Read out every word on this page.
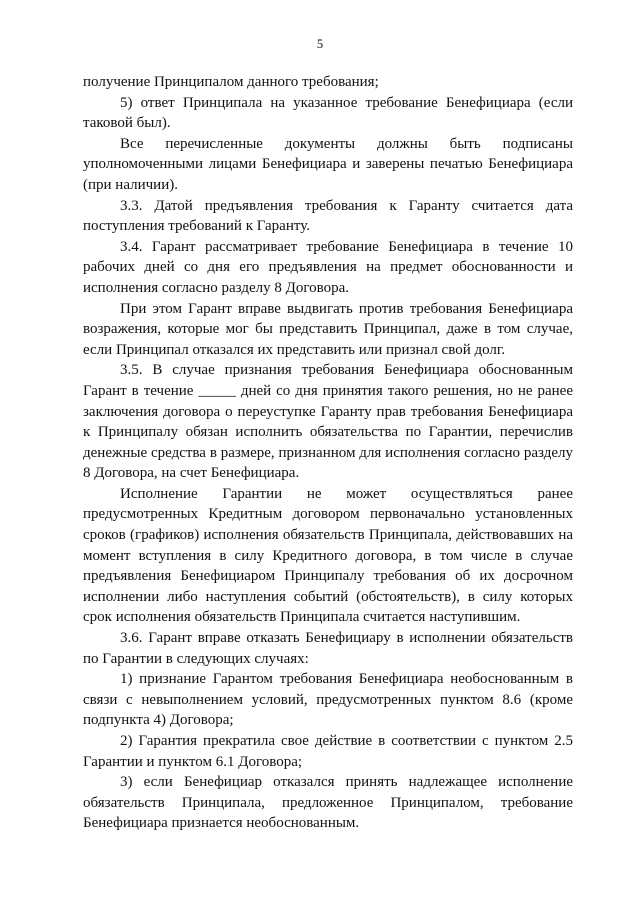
5

получение Принципалом данного требования;

5) ответ Принципала на указанное требование Бенефициара (если таковой был).

Все перечисленные документы должны быть подписаны уполномоченными лицами Бенефициара и заверены печатью Бенефициара (при наличии).

3.3. Датой предъявления требования к Гаранту считается дата поступления требований к Гаранту.

3.4. Гарант рассматривает требование Бенефициара в течение 10 рабочих дней со дня его предъявления на предмет обоснованности и исполнения согласно разделу 8 Договора.

При этом Гарант вправе выдвигать против требования Бенефициара возражения, которые мог бы представить Принципал, даже в том случае, если Принципал отказался их представить или признал свой долг.

3.5. В случае признания требования Бенефициара обоснованным Гарант в течение _____ дней со дня принятия такого решения, но не ранее заключения договора о переуступке Гаранту прав требования Бенефициара к Принципалу обязан исполнить обязательства по Гарантии, перечислив денежные средства в размере, признанном для исполнения согласно разделу 8 Договора, на счет Бенефициара.

Исполнение Гарантии не может осуществляться ранее предусмотренных Кредитным договором первоначально установленных сроков (графиков) исполнения обязательств Принципала, действовавших на момент вступления в силу Кредитного договора, в том числе в случае предъявления Бенефициаром Принципалу требования об их досрочном исполнении либо наступления событий (обстоятельств), в силу которых срок исполнения обязательств Принципала считается наступившим.

3.6. Гарант вправе отказать Бенефициару в исполнении обязательств по Гарантии в следующих случаях:

1) признание Гарантом требования Бенефициара необоснованным в связи с невыполнением условий, предусмотренных пунктом 8.6 (кроме подпункта 4) Договора;

2) Гарантия прекратила свое действие в соответствии с пунктом 2.5 Гарантии и пунктом 6.1 Договора;

3) если Бенефициар отказался принять надлежащее исполнение обязательств Принципала, предложенное Принципалом, требование Бенефициара признается необоснованным.
